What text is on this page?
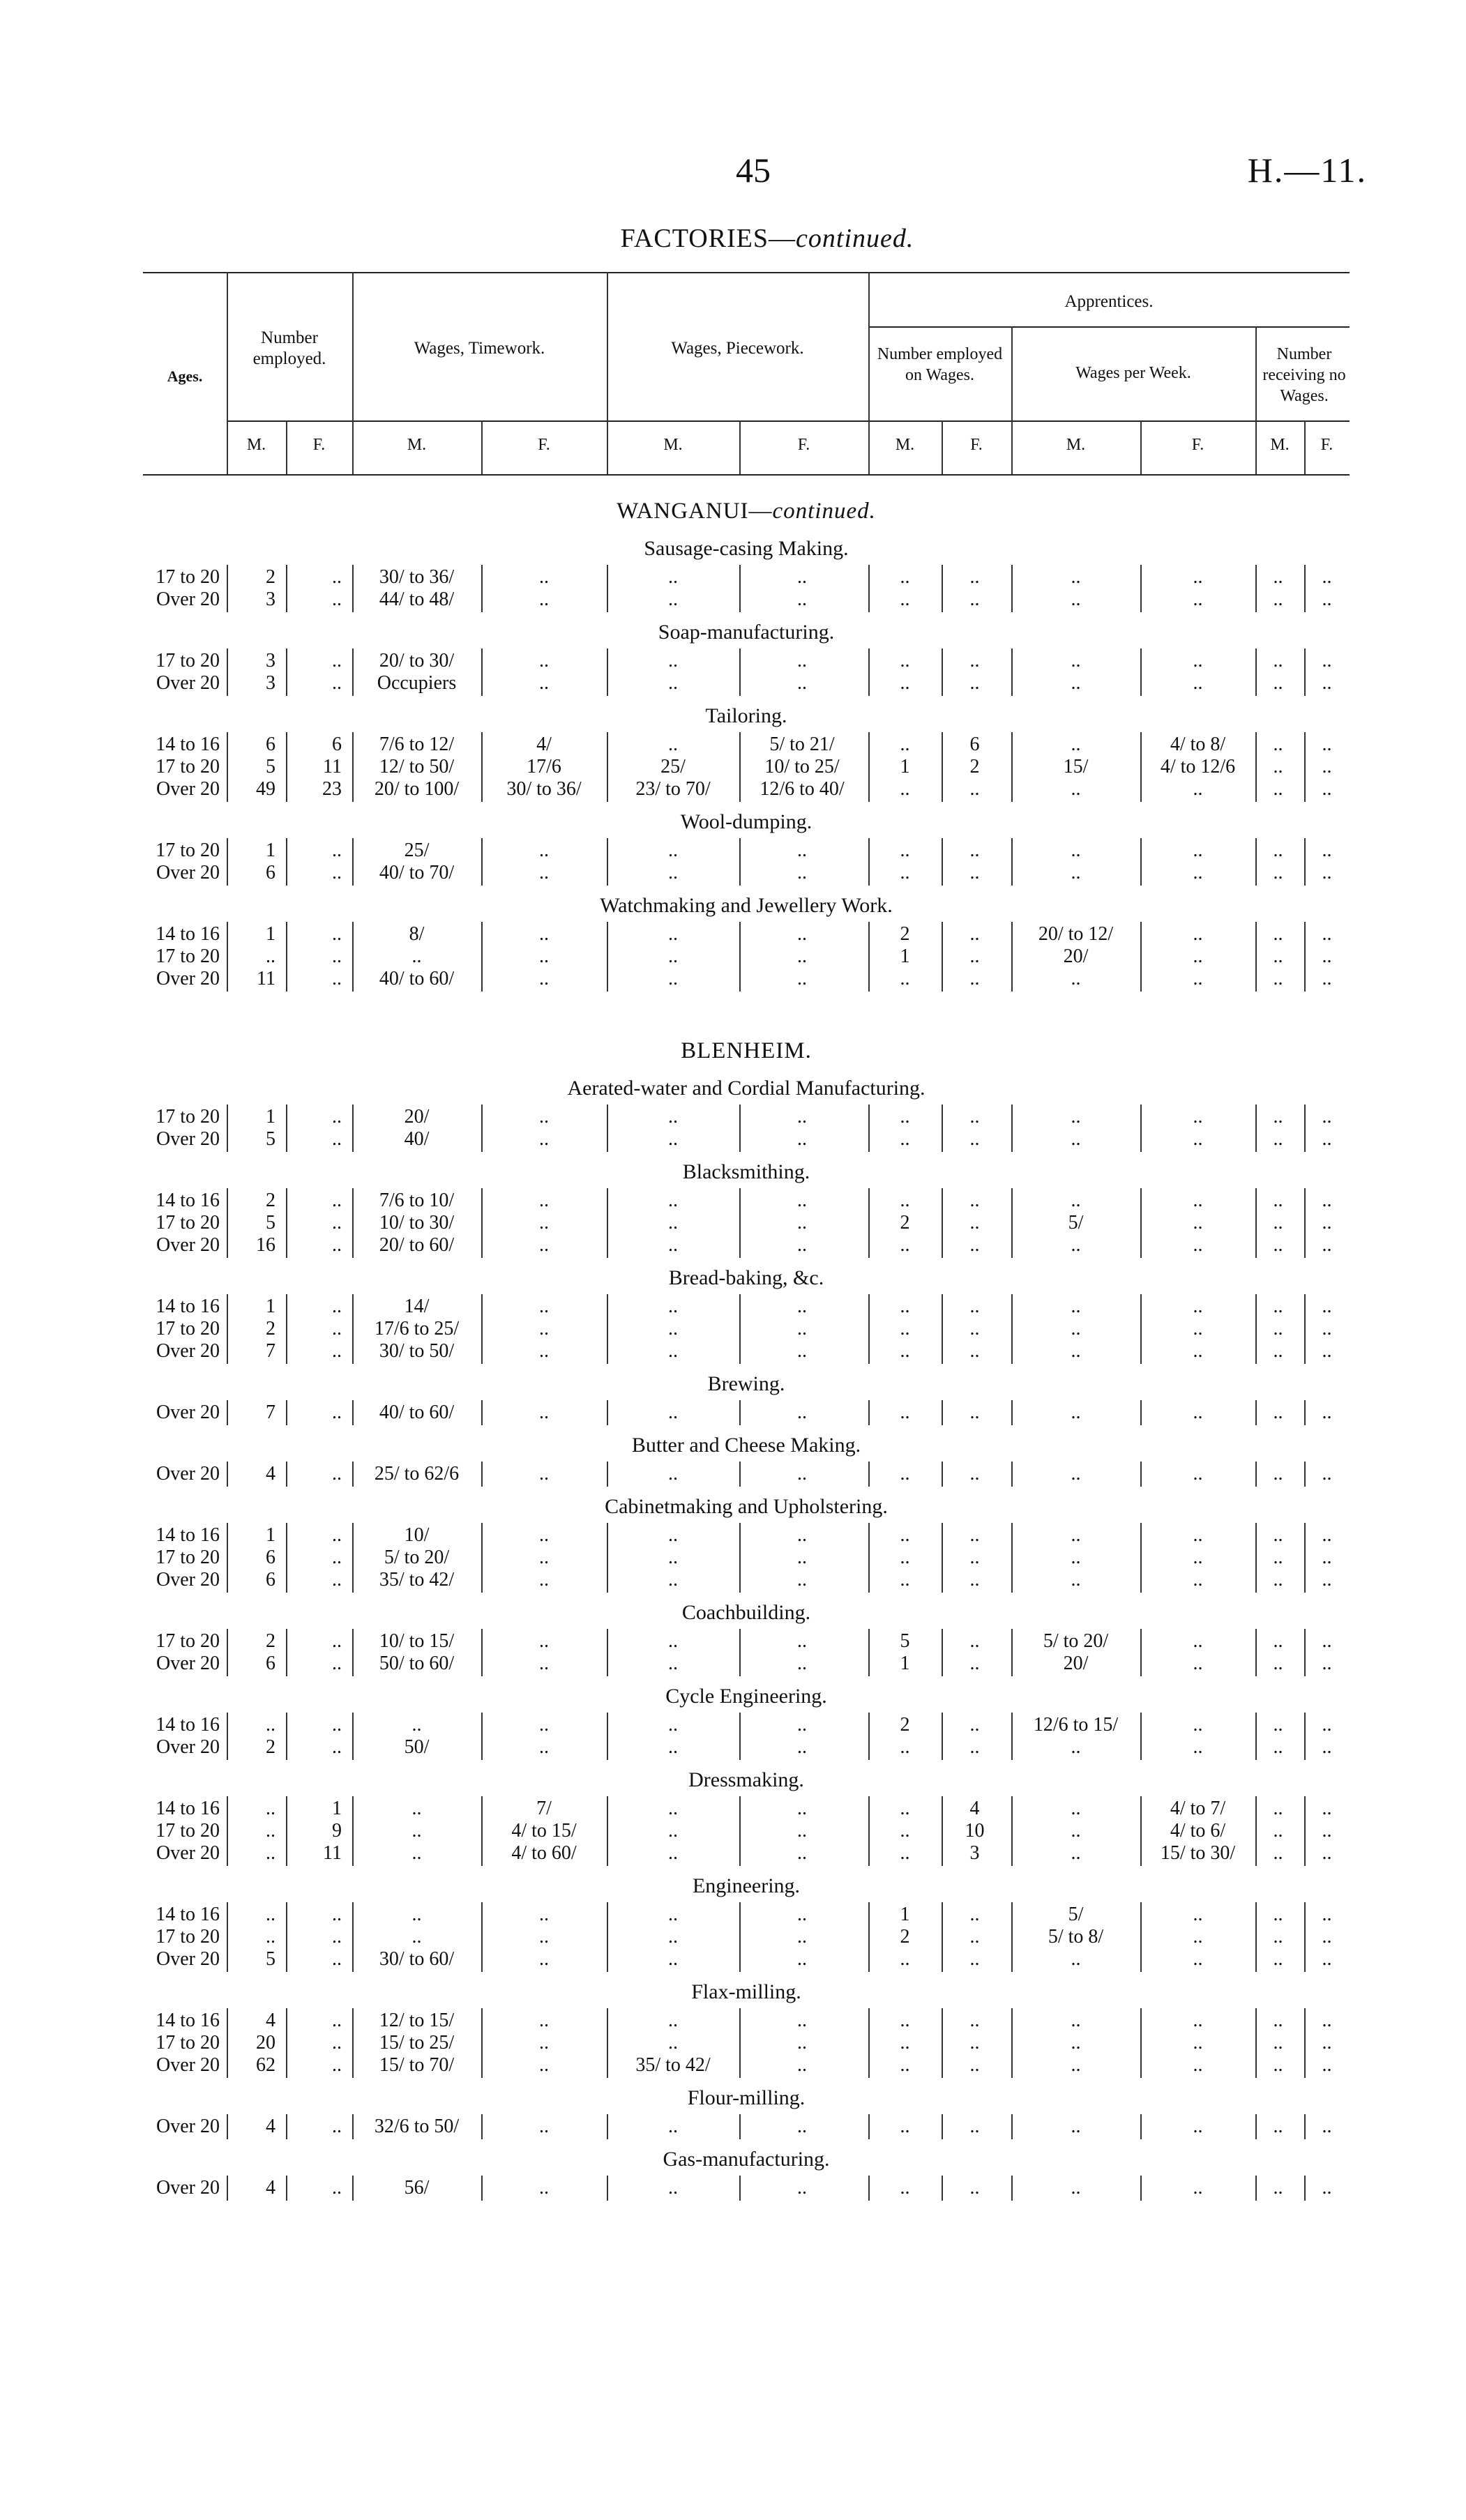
45	H.—11.
FACTORIES—continued.
Ages.
Number employed.
Wages, Timework.	Wages, Piecework.
Apprentices.
Number employed on Wages.	Wages per Week.
Number receiving no Wages.
M.	F.	M.	F.	M.	F.	M.	F.	M.	F.	M.	F.
WANGANUI—continued.
Sausage-casing Making.
17 to 20	2	..	30/ to 36/	..	..	..	..	..	..	..	..	..
Over 20	3	..	44/ to 48/	..	..	..	..	..	..	..	..	..
Soap-manufacturing.
17 to 20	3	..	20/ to 30/	..	..	..	..	..	..	..	..	..
Over 20	3	..	Occupiers	..	..	..	..	..	..	..	..	..
Tailoring.
14 to 16	6	6	7/6 to 12/	4/	..	5/ to 21/	..	6	..	4/ to 8/	..	..
17 to 20	5	11	12/ to 50/	17/6	25/	10/ to 25/	1	2	15/	4/ to 12/6	..	..
Over 20	49	23	20/ to 100/	30/ to 36/	23/ to 70/	12/6 to 40/	..	..	..	..	..	..
Wool-dumping.
17 to 20	1	..	25/	..	..	..	..	..	..	..	..	..
Over 20	6	..	40/ to 70/	..	..	..	..	..	..	..	..	..
Watchmaking and Jewellery Work.
14 to 16	1	..	8/	..	..	..	2	..	20/ to 12/	..	..	..
17 to 20	..	..	..	..	..	..	1	..	20/	..	..	..
Over 20	11	..	40/ to 60/	..	..	..	..	..	..	..	..	..
BLENHEIM.
Aerated-water and Cordial Manufacturing.
17 to 20	1	..	20/	..	..	..	..	..	..	..	..	..
Over 20	5	..	40/	..	..	..	..	..	..	..	..	..
Blacksmithing.
14 to 16	2	..	7/6 to 10/	..	..	..	..	..	..	..	..	..
17 to 20	5	..	10/ to 30/	..	..	..	2	..	5/	..	..	..
Over 20	16	..	20/ to 60/	..	..	..	..	..	..	..	..	..
Bread-baking, &c.
14 to 16	1	..	14/	..	..	..	..	..	..	..	..	..
17 to 20	2	..	17/6 to 25/	..	..	..	..	..	..	..	..	..
Over 20	7	..	30/ to 50/	..	..	..	..	..	..	..	..	..
Brewing.
Over 20	7	..	40/ to 60/	..	..	..	..	..	..	..	..	..
Butter and Cheese Making.
Over 20	4	..	25/ to 62/6	..	..	..	..	..	..	..	..	..
Cabinetmaking and Upholstering.
14 to 16	1	..	10/	..	..	..	..	..	..	..	..	..
17 to 20	6	..	5/ to 20/	..	..	..	..	..	..	..	..	..
Over 20	6	..	35/ to 42/	..	..	..	..	..	..	..	..	..
Coachbuilding.
17 to 20	2	..	10/ to 15/	..	..	..	5	..	5/ to 20/	..	..	..
Over 20	6	..	50/ to 60/	..	..	..	1	..	20/	..	..	..
Cycle Engineering.
14 to 16	..	..	..	..	..	..	2	..	12/6 to 15/	..	..	..
Over 20	2	..	50/	..	..	..	..	..	..	..	..	..
Dressmaking.
14 to 16	..	1	..	7/	..	..	..	4	..	4/ to 7/	..	..
17 to 20	..	9	..	4/ to 15/	..	..	..	10	..	4/ to 6/	..	..
Over 20	..	11	..	4/ to 60/	..	..	..	3	..	15/ to 30/	..	..
Engineering.
14 to 16	..	..	..	..	..	..	1	..	5/	..	..	..
17 to 20	..	..	..	..	..	..	2	..	5/ to 8/	..	..	..
Over 20	5	..	30/ to 60/	..	..	..	..	..	..	..	..	..
Flax-milling.
14 to 16	4	..	12/ to 15/	..	..	..	..	..	..	..	..	..
17 to 20	20	..	15/ to 25/	..	..	..	..	..	..	..	..	..
Over 20	62	..	15/ to 70/	..	35/ to 42/	..	..	..	..	..	..	..
Flour-milling.
Over 20	4	..	32/6 to 50/	..	..	..	..	..	..	..	..	..
Gas-manufacturing.
Over 20	4	..	56/	..	..	..	..	..	..	..	..	..
